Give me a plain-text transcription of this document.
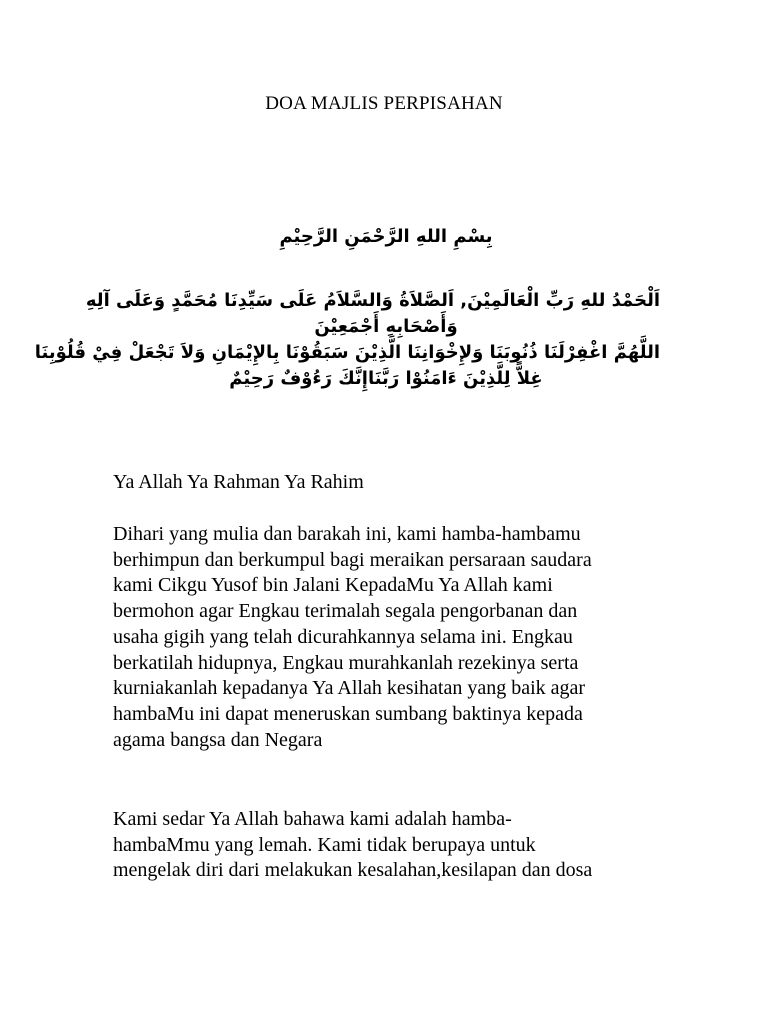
DOA MAJLIS PERPISAHAN
بِسْمِ اللهِ الرَّحْمَنِ الرَّحِيْمِ
اَلْحَمْدُ للهِ رَبِّ الْعَالَمِيْنَ, اَلصَّلاَةُ وَالسَّلاَمُ عَلَى سَيِّدِنَا مُحَمَّدٍ وَعَلَى آلِهِ
وَأَصْحَابِهِ أَجْمَعِيْنَ
اللَّهُمَّ اغْفِرْلَنَا ذُنُوبَنَا وَلإِخْوَانِنَا الَّذِيْنَ سَبَقُوْنَا بِالإِيْمَانِ وَلاَ تَجْعَلْ فِيْ قُلُوْبِنَا
غِلاًّ لِلَّذِيْنَ ءَامَنُوْا رَبَّنَاإِنَّكَ رَءُوْفٌ رَحِيْمٌ
Ya Allah Ya Rahman Ya Rahim
Dihari yang mulia dan barakah ini, kami hamba-hambamu
berhimpun dan berkumpul bagi meraikan persaraan saudara
kami Cikgu Yusof bin Jalani KepadaMu Ya Allah kami
bermohon agar Engkau terimalah segala pengorbanan dan
usaha gigih yang telah dicurahkannya selama ini. Engkau
berkatilah hidupnya, Engkau murahkanlah rezekinya serta
kurniakanlah kepadanya Ya Allah kesihatan yang baik agar
hambaMu ini dapat meneruskan sumbang baktinya kepada
agama bangsa dan Negara
Kami sedar Ya Allah bahawa kami adalah hamba-
hambaMmu yang lemah. Kami tidak berupaya untuk
mengelak diri dari melakukan kesalahan,kesilapan dan dosa
